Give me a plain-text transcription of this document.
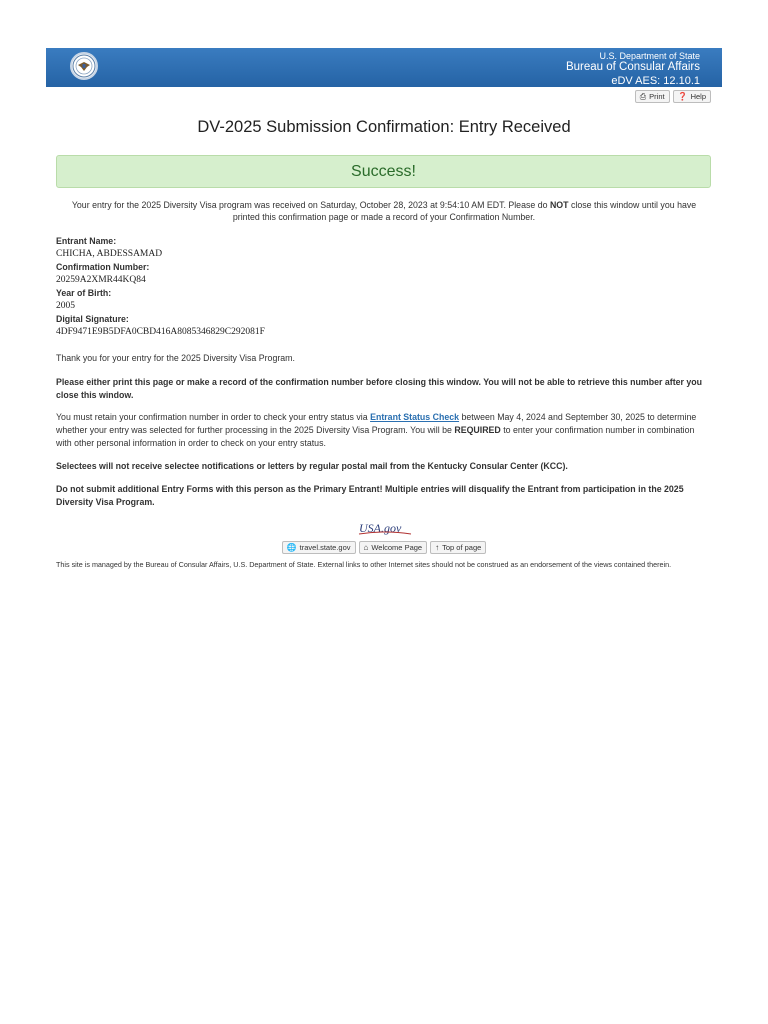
U.S. Department of State
Bureau of Consular Affairs
eDV AES: 12.10.1
⎙ Print ❓ Help
DV-2025 Submission Confirmation: Entry Received
Success!

Your entry for the 2025 Diversity Visa program was received on Saturday, October 28, 2023 at 9:54:10 AM EDT. Please do NOT close this window until you have printed this confirmation page or made a record of your Confirmation Number.

Entrant Name:
CHICHA, ABDESSAMAD
Confirmation Number:
20259A2XMR44KQ84
Year of Birth:
2005
Digital Signature:
4DF9471E9B5DFA0CBD416A8085346829C292081F

Thank you for your entry for the 2025 Diversity Visa Program.

Please either print this page or make a record of the confirmation number before closing this window. You will not be able to retrieve this number after you close this window.

You must retain your confirmation number in order to check your entry status via Entrant Status Check between May 4, 2024 and September 30, 2025 to determine whether your entry was selected for further processing in the 2025 Diversity Visa Program. You will be REQUIRED to enter your confirmation number in combination with other personal information in order to check on your entry status.

Selectees will not receive selectee notifications or letters by regular postal mail from the Kentucky Consular Center (KCC).

Do not submit additional Entry Forms with this person as the Primary Entrant! Multiple entries will disqualify the Entrant from participation in the 2025 Diversity Visa Program.

USA.gov
🌐 travel.state.gov ⌂ Welcome Page ↑ Top of page

This site is managed by the Bureau of Consular Affairs, U.S. Department of State. External links to other Internet sites should not be construed as an endorsement of the views contained therein.
